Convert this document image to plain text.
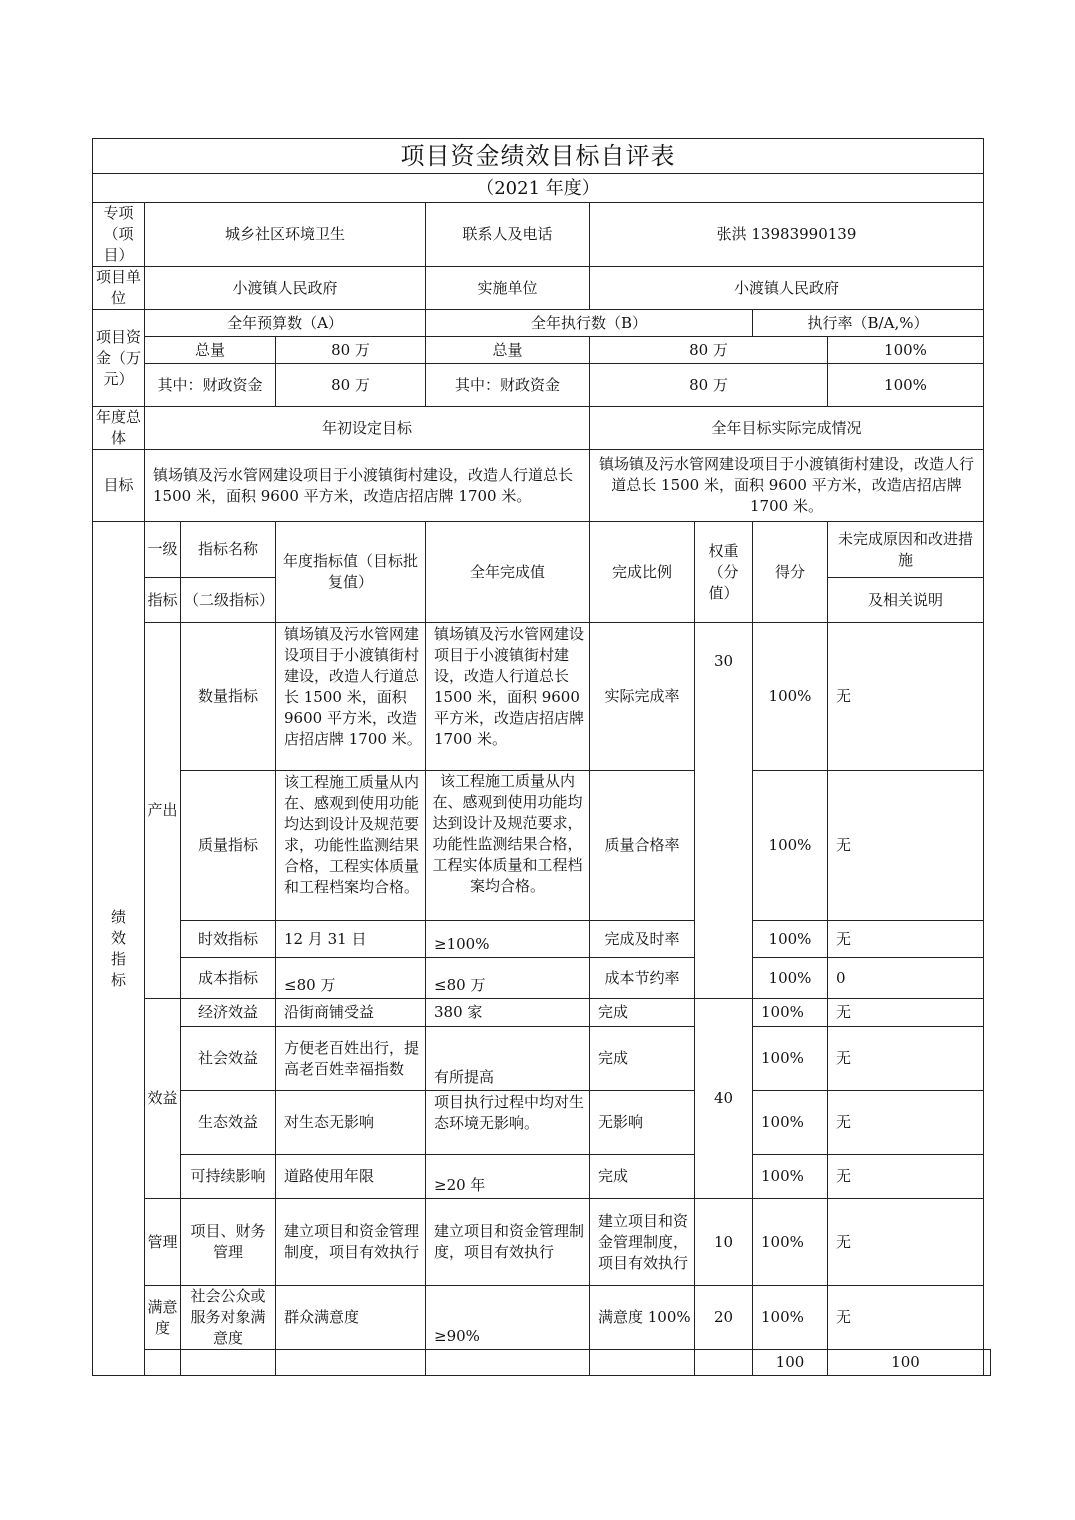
项目资金绩效目标自评表									
（2021 年度）									
专项（项目）	城乡社区环境卫生			联系人及电话	张洪 13983990139				
项目单位	小渡镇人民政府			实施单位	小渡镇人民政府				
项目资金（万元）	全年预算数（A）			全年执行数（B）			执行率（B/A,%）		
	总量		80 万	总量	80 万			100%	
	其中：财政资金		80 万	其中：财政资金	80 万			100%	
年度总体	年初设定目标				全年目标实际完成情况				
目标	镇场镇及污水管网建设项目于小渡镇街村建设，改造人行道总长 1500 米，面积 9600 平方米，改造店招店牌 1700 米。				镇场镇及污水管网建设项目于小渡镇街村建设，改造人行道总长 1500 米，面积 9600 平方米，改造店招店牌 1700 米。				
绩效指标	一级	指标名称	年度指标值（目标批复值）	全年完成值	完成比例	权重（分值）	得分	未完成原因和改进措施	
	指标	（二级指标）						及相关说明	
	产出	数量指标	镇场镇及污水管网建设项目于小渡镇街村建设，改造人行道总长 1500 米，面积 9600 平方米，改造店招店牌 1700 米。	镇场镇及污水管网建设项目于小渡镇街村建设，改造人行道总长 1500 米，面积 9600 平方米，改造店招店牌 1700 米。	实际完成率	30	100%	无	
		质量指标	该工程施工质量从内在、感观到使用功能均达到设计及规范要求，功能性监测结果合格，工程实体质量和工程档案均合格。	该工程施工质量从内在、感观到使用功能均达到设计及规范要求，功能性监测结果合格，工程实体质量和工程档案均合格。	质量合格率		100%	无	
		时效指标	12 月 31 日	≥100%	完成及时率		100%	无	
		成本指标	≤80 万	≤80 万	成本节约率		100%	0	
	效益	经济效益	沿街商铺受益	380 家	完成	40	100%	无	
		社会效益	方便老百姓出行，提高老百姓幸福指数	有所提高	完成		100%	无	
		生态效益	对生态无影响	项目执行过程中均对生态环境无影响。	无影响		100%	无	
		可持续影响	道路使用年限	≥20 年	完成		100%	无	
	管理	项目、财务管理	建立项目和资金管理制度，项目有效执行	建立项目和资金管理制度，项目有效执行	建立项目和资金管理制度，项目有效执行	10	100%	无	
	满意度	社会公众或服务对象满意度	群众满意度	≥90%	满意度 100%	20	100%	无	
							100	100	
